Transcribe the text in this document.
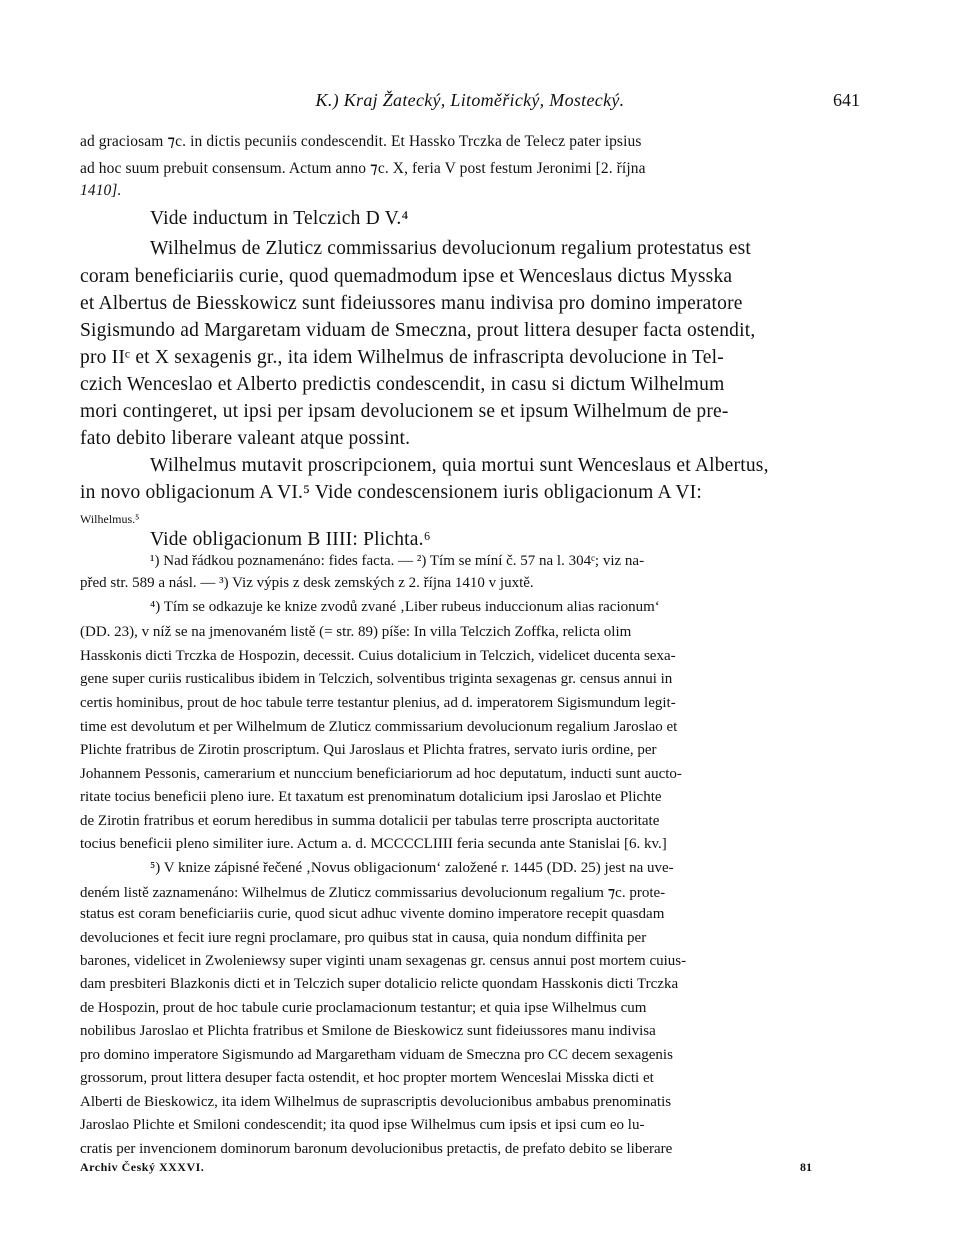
K.) Kraj Žatecký, Litoměřický, Mostecký.	641
ad graciosam ⁊c. in dictis pecuniis condescendit. Et Hassko Trczka de Telecz pater ipsius
ad hoc suum prebuit consensum. Actum anno ⁊c. X, feria V post festum Jeronimi [2. října
1410].
Vide inductum in Telczich D V.⁴
Wilhelmus de Zluticz commissarius devolucionum regalium protestatus est
coram beneficiariis curie, quod quemadmodum ipse et Wenceslaus dictus Mysska
et Albertus de Biesskowicz sunt fideiussores manu indivisa pro domino imperatore
Sigismundo ad Margaretam viduam de Smeczna, prout littera desuper facta ostendit,
pro IIᶜ et X sexagenis gr., ita idem Wilhelmus de infrascripta devolucione in Tel-
czich Wenceslao et Alberto predictis condescendit, in casu si dictum Wilhelmum
mori contingeret, ut ipsi per ipsam devolucionem se et ipsum Wilhelmum de pre-
fato debito liberare valeant atque possint.
Wilhelmus mutavit proscripcionem, quia mortui sunt Wenceslaus et Albertus,
in novo obligacionum A VI.⁵ Vide condescensionem iuris obligacionum A VI:
Wilhelmus.⁵
Vide obligacionum B IIII: Plichta.⁶
¹) Nad řádkou poznamenáno: fides facta. — ²) Tím se míní č. 57 na l. 304ᶜ; viz na-
před str. 589 a násl. — ³) Viz výpis z desk zemských z 2. října 1410 v juxtě.
⁴) Tím se odkazuje ke knize zvodů zvané ‚Liber rubeus induccionum alias racionum‘
(DD. 23), v níž se na jmenovaném listě (= str. 89) píše: In villa Telczich Zoffka, relicta olim
Hasskonis dicti Trczka de Hospozin, decessit. Cuius dotalicium in Telczich, videlicet ducenta sexa-
gene super curiis rusticalibus ibidem in Telczich, solventibus triginta sexagenas gr. census annui in
certis hominibus, prout de hoc tabule terre testantur plenius, ad d. imperatorem Sigismundum legit-
time est devolutum et per Wilhelmum de Zluticz commissarium devolucionum regalium Jaroslao et
Plichte fratribus de Zirotin proscriptum. Qui Jaroslaus et Plichta fratres, servato iuris ordine, per
Johannem Pessonis, camerarium et nunccium beneficiariorum ad hoc deputatum, inducti sunt aucto-
ritate tocius beneficii pleno iure. Et taxatum est prenominatum dotalicium ipsi Jaroslao et Plichte
de Zirotin fratribus et eorum heredibus in summa dotalicii per tabulas terre proscripta auctoritate
tocius beneficii pleno similiter iure. Actum a. d. MCCCCLIIII feria secunda ante Stanislai [6. kv.]
⁵) V knize zápisné řečené ‚Novus obligacionum‘ založené r. 1445 (DD. 25) jest na uve-
deném listě zaznamenáno: Wilhelmus de Zluticz commissarius devolucionum regalium ⁊c. prote-
status est coram beneficiariis curie, quod sicut adhuc vivente domino imperatore recepit quasdam
devoluciones et fecit iure regni proclamare, pro quibus stat in causa, quia nondum diffinita per
barones, videlicet in Zwoleniewsy super viginti unam sexagenas gr. census annui post mortem cuius-
dam presbiteri Blazkonis dicti et in Telczich super dotalicio relicte quondam Hasskonis dicti Trczka
de Hospozin, prout de hoc tabule curie proclamacionum testantur; et quia ipse Wilhelmus cum
nobilibus Jaroslao et Plichta fratribus et Smilone de Bieskowicz sunt fideiussores manu indivisa
pro domino imperatore Sigismundo ad Margaretham viduam de Smeczna pro CC decem sexagenis
grossorum, prout littera desuper facta ostendit, et hoc propter mortem Wenceslai Misska dicti et
Alberti de Bieskowicz, ita idem Wilhelmus de suprascriptis devolucionibus ambabus prenominatis
Jaroslao Plichte et Smiloni condescendit; ita quod ipse Wilhelmus cum ipsis et ipsi cum eo lu-
cratis per invencionem dominorum baronum devolucionibus pretactis, de prefato debito se liberare
Archiv Český XXXVI.	81
